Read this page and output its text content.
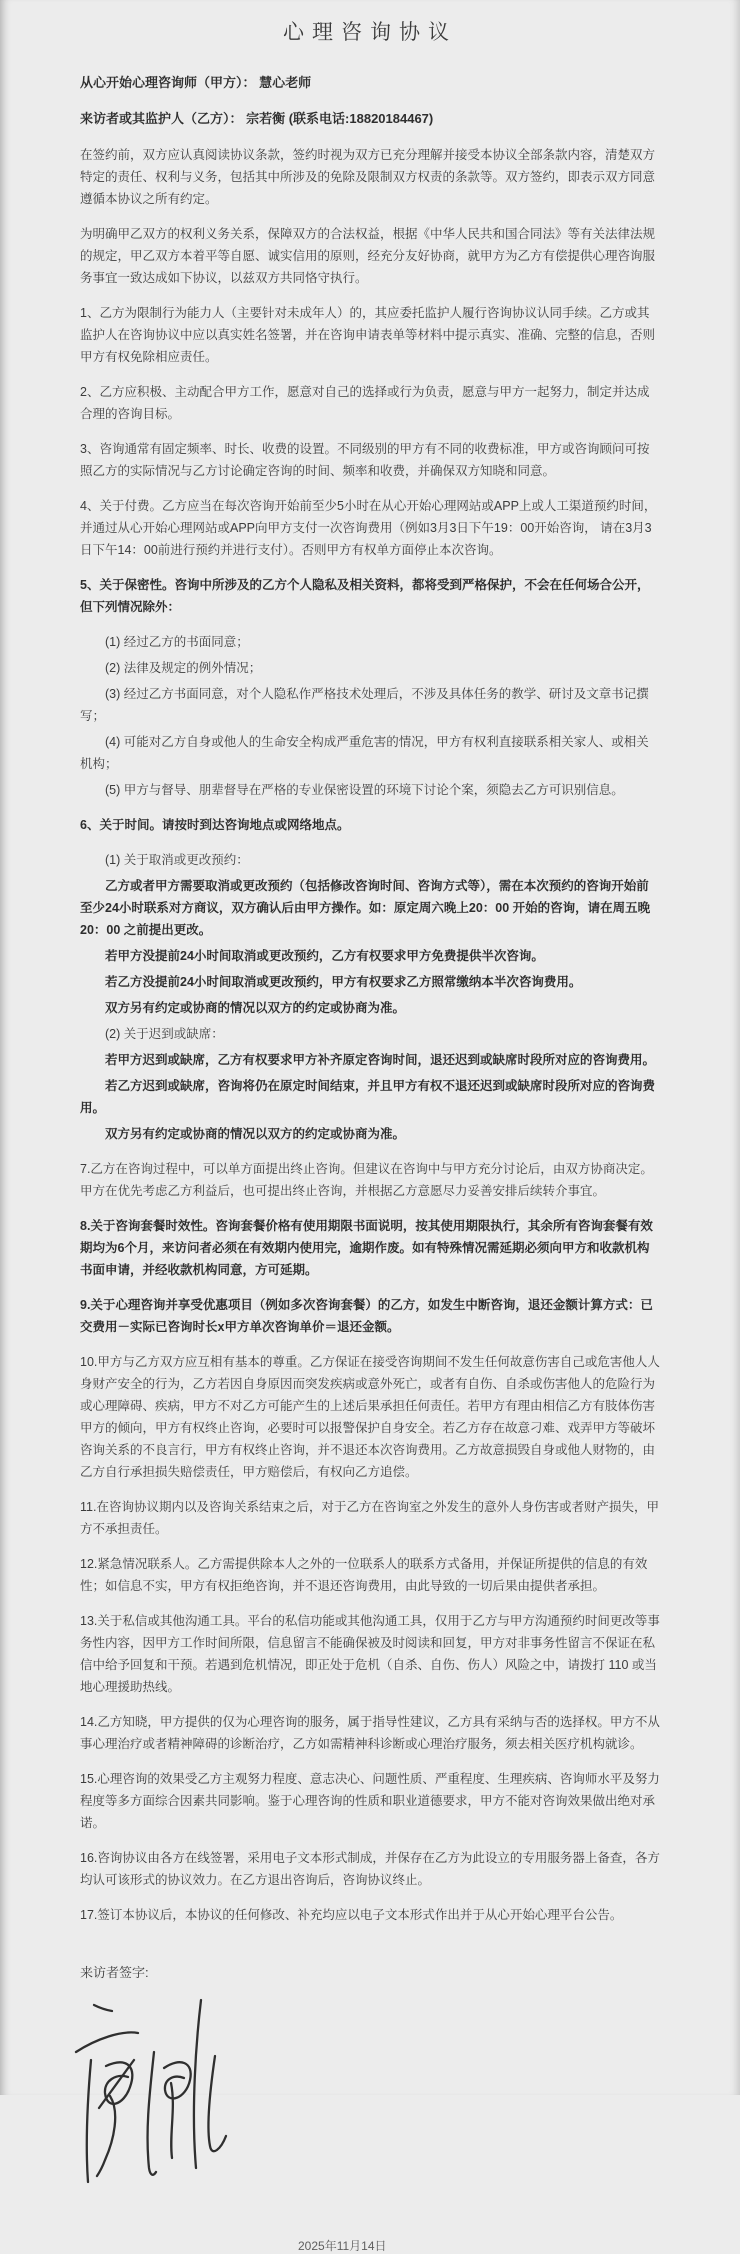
心理咨询协议

从心开始心理咨询师（甲方）： 慧心老师

来访者或其监护人（乙方）： 宗若衡 (联系电话:18820184467)

在签约前，双方应认真阅读协议条款，签约时视为双方已充分理解并接受本协议全部条款内容，清楚双方特定的责任、权利与义务，包括其中所涉及的免除及限制双方权责的条款等。双方签约，即表示双方同意遵循本协议之所有约定。

为明确甲乙双方的权利义务关系，保障双方的合法权益，根据《中华人民共和国合同法》等有关法律法规的规定，甲乙双方本着平等自愿、诚实信用的原则，经充分友好协商，就甲方为乙方有偿提供心理咨询服务事宜一致达成如下协议，以兹双方共同恪守执行。

1、乙方为限制行为能力人（主要针对未成年人）的，其应委托监护人履行咨询协议认同手续。乙方或其监护人在咨询协议中应以真实姓名签署，并在咨询申请表单等材料中提示真实、准确、完整的信息，否则甲方有权免除相应责任。

2、乙方应积极、主动配合甲方工作，愿意对自己的选择或行为负责，愿意与甲方一起努力，制定并达成合理的咨询目标。

3、咨询通常有固定频率、时长、收费的设置。不同级别的甲方有不同的收费标准，甲方或咨询顾问可按照乙方的实际情况与乙方讨论确定咨询的时间、频率和收费，并确保双方知晓和同意。

4、关于付费。乙方应当在每次咨询开始前至少5小时在从心开始心理网站或APP上或人工渠道预约时间，并通过从心开始心理网站或APP向甲方支付一次咨询费用（例如3月3日下午19：00开始咨询， 请在3月3日下午14：00前进行预约并进行支付）。否则甲方有权单方面停止本次咨询。

5、关于保密性。咨询中所涉及的乙方个人隐私及相关资料，都将受到严格保护，不会在任何场合公开，但下列情况除外：

(1) 经过乙方的书面同意；

(2) 法律及规定的例外情况；

(3) 经过乙方书面同意，对个人隐私作严格技术处理后，不涉及具体任务的教学、研讨及文章书记撰写；

(4) 可能对乙方自身或他人的生命安全构成严重危害的情况，甲方有权利直接联系相关家人、或相关机构；

(5) 甲方与督导、朋辈督导在严格的专业保密设置的环境下讨论个案，须隐去乙方可识别信息。

6、关于时间。请按时到达咨询地点或网络地点。

(1) 关于取消或更改预约：

乙方或者甲方需要取消或更改预约（包括修改咨询时间、咨询方式等），需在本次预约的咨询开始前至少24小时联系对方商议，双方确认后由甲方操作。如：原定周六晚上20：00 开始的咨询，请在周五晚 20：00 之前提出更改。

若甲方没提前24小时间取消或更改预约，乙方有权要求甲方免费提供半次咨询。

若乙方没提前24小时间取消或更改预约，甲方有权要求乙方照常缴纳本半次咨询费用。

双方另有约定或协商的情况以双方的约定或协商为准。

(2) 关于迟到或缺席：

若甲方迟到或缺席，乙方有权要求甲方补齐原定咨询时间，退还迟到或缺席时段所对应的咨询费用。

若乙方迟到或缺席，咨询将仍在原定时间结束，并且甲方有权不退还迟到或缺席时段所对应的咨询费用。

双方另有约定或协商的情况以双方的约定或协商为准。

7.乙方在咨询过程中，可以单方面提出终止咨询。但建议在咨询中与甲方充分讨论后，由双方协商决定。甲方在优先考虑乙方利益后，也可提出终止咨询，并根据乙方意愿尽力妥善安排后续转介事宜。

8.关于咨询套餐时效性。咨询套餐价格有使用期限书面说明，按其使用期限执行，其余所有咨询套餐有效期均为6个月，来访问者必须在有效期内使用完，逾期作废。如有特殊情况需延期必须向甲方和收款机构书面申请，并经收款机构同意，方可延期。

9.关于心理咨询并享受优惠项目（例如多次咨询套餐）的乙方，如发生中断咨询，退还金额计算方式：已交费用－实际已咨询时长x甲方单次咨询单价＝退还金额。

10.甲方与乙方双方应互相有基本的尊重。乙方保证在接受咨询期间不发生任何故意伤害自己或危害他人人身财产安全的行为，乙方若因自身原因而突发疾病或意外死亡，或者有自伤、自杀或伤害他人的危险行为或心理障碍、疾病，甲方不对乙方可能产生的上述后果承担任何责任。若甲方有理由相信乙方有肢体伤害甲方的倾向，甲方有权终止咨询，必要时可以报警保护自身安全。若乙方存在故意刁难、戏弄甲方等破坏咨询关系的不良言行，甲方有权终止咨询，并不退还本次咨询费用。乙方故意损毁自身或他人财物的，由乙方自行承担损失赔偿责任，甲方赔偿后，有权向乙方追偿。

11.在咨询协议期内以及咨询关系结束之后，对于乙方在咨询室之外发生的意外人身伤害或者财产损失，甲方不承担责任。

12.紧急情况联系人。乙方需提供除本人之外的一位联系人的联系方式备用，并保证所提供的信息的有效性；如信息不实，甲方有权拒绝咨询，并不退还咨询费用，由此导致的一切后果由提供者承担。

13.关于私信或其他沟通工具。平台的私信功能或其他沟通工具，仅用于乙方与甲方沟通预约时间更改等事务性内容，因甲方工作时间所限，信息留言不能确保被及时阅读和回复，甲方对非事务性留言不保证在私信中给予回复和干预。若遇到危机情况，即正处于危机（自杀、自伤、伤人）风险之中，请拨打 110 或当地心理援助热线。

14.乙方知晓，甲方提供的仅为心理咨询的服务，属于指导性建议，乙方具有采纳与否的选择权。甲方不从事心理治疗或者精神障碍的诊断治疗，乙方如需精神科诊断或心理治疗服务，须去相关医疗机构就诊。

15.心理咨询的效果受乙方主观努力程度、意志决心、问题性质、严重程度、生理疾病、咨询师水平及努力程度等多方面综合因素共同影响。鉴于心理咨询的性质和职业道德要求，甲方不能对咨询效果做出绝对承诺。

16.咨询协议由各方在线签署，采用电子文本形式制成，并保存在乙方为此设立的专用服务器上备查，各方均认可该形式的协议效力。在乙方退出咨询后，咨询协议终止。

17.签订本协议后，本协议的任何修改、补充均应以电子文本形式作出并于从心开始心理平台公告。

来访者签字:

2025年11月14日
